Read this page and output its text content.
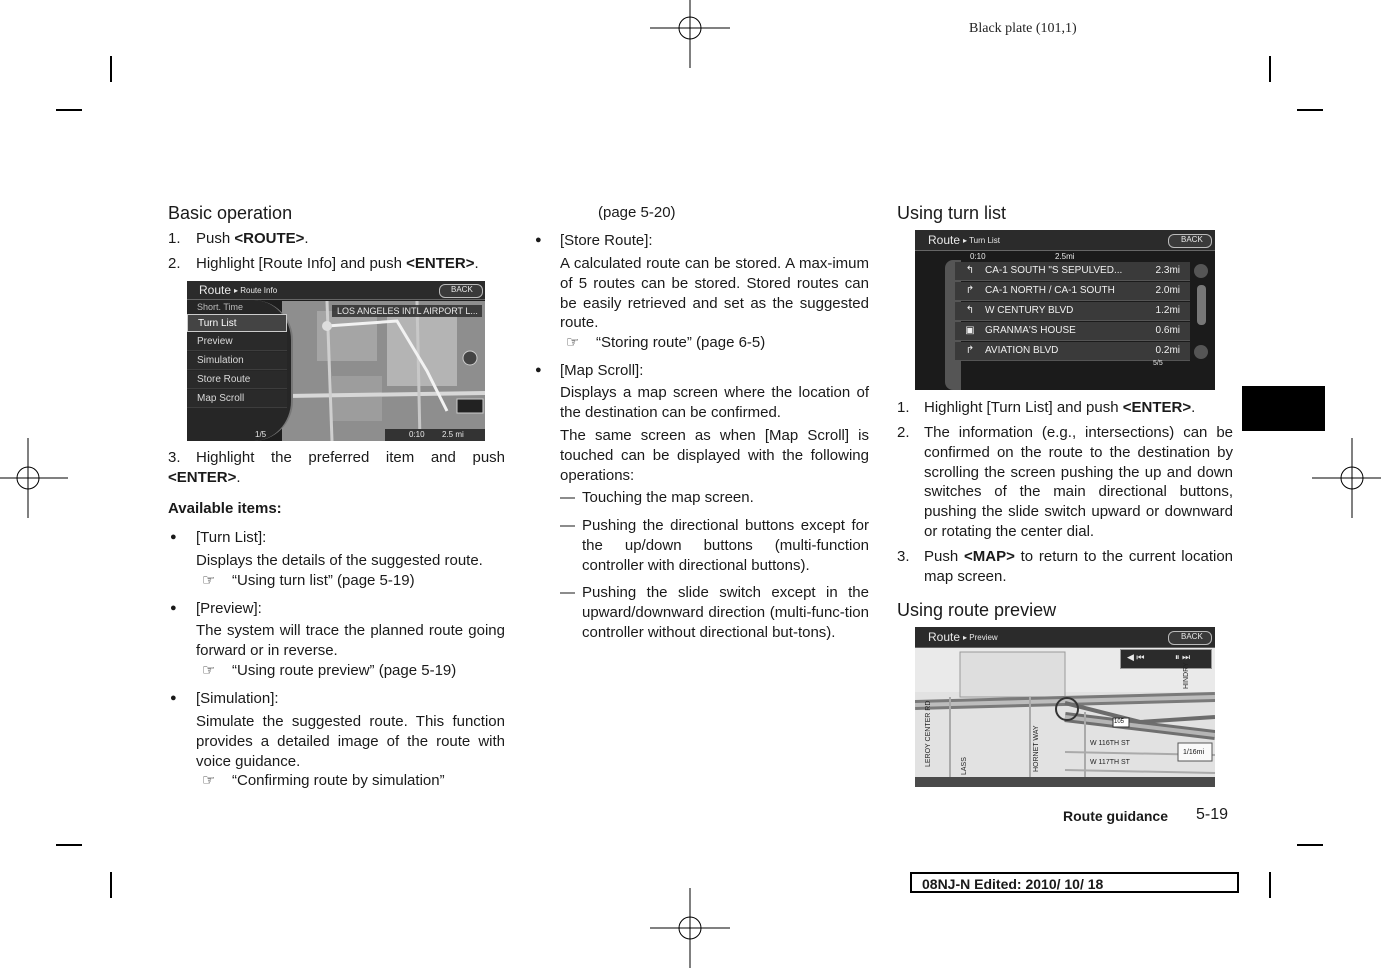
Black plate (101,1)
Basic operation
1. Push <ROUTE>.
2. Highlight [Route Info] and push <ENTER>.
Route ▸ Route Info	BACK
Short. Time
Turn List
Preview
Simulation
Store Route
Map Scroll
1/5
LOS ANGELES INTL AIRPORT L...
0:10 2.5 mi
3. Highlight the preferred item and push <ENTER>.
Available items:
● [Turn List]:
Displays the details of the suggested route.
☞ “Using turn list” (page 5-19)
● [Preview]:
The system will trace the planned route going forward or in reverse.
☞ “Using route preview” (page 5-19)
● [Simulation]:
Simulate the suggested route. This function provides a detailed image of the route with voice guidance.
☞ “Confirming route by simulation”
(page 5-20)
● [Store Route]:
A calculated route can be stored. A max-imum of 5 routes can be stored. Stored routes can be easily retrieved and set as the suggested route.
☞ “Storing route” (page 6-5)
● [Map Scroll]:
Displays a map screen where the location of the destination can be confirmed.
The same screen as when [Map Scroll] is touched can be displayed with the following operations:
— Touching the map screen.
— Pushing the directional buttons except for the up/down buttons (multi-function controller with directional buttons).
— Pushing the slide switch except in the upward/downward direction (multi-func-tion controller without directional but-tons).
Using turn list
Route ▸ Turn List	BACK
0:10	2.5mi
↰ CA-1 SOUTH "S SEPULVED...	2.3mi
↱ CA-1 NORTH / CA-1 SOUTH	2.0mi
↰ W CENTURY BLVD	1.2mi
▣ GRANMA'S HOUSE	0.6mi
↱ AVIATION BLVD	0.2mi
5/5
1. Highlight [Turn List] and push <ENTER>.
2. The information (e.g., intersections) can be confirmed on the route to the destination by scrolling the screen pushing the up and down switches of the main directional buttons, pushing the slide switch upward or downward or rotating the center dial.
3. Push <MAP> to return to the current location map screen.
Using route preview
Route ▸ Preview	BACK
◀ ⏮	⏸ ⏭
W 116TH ST
W 117TH ST
LEROY CENTER RD	HORNET WAY
HINDRY
LASS
105
1/16mi
Route guidance 5-19
08NJ-N Edited: 2010/ 10/ 18
